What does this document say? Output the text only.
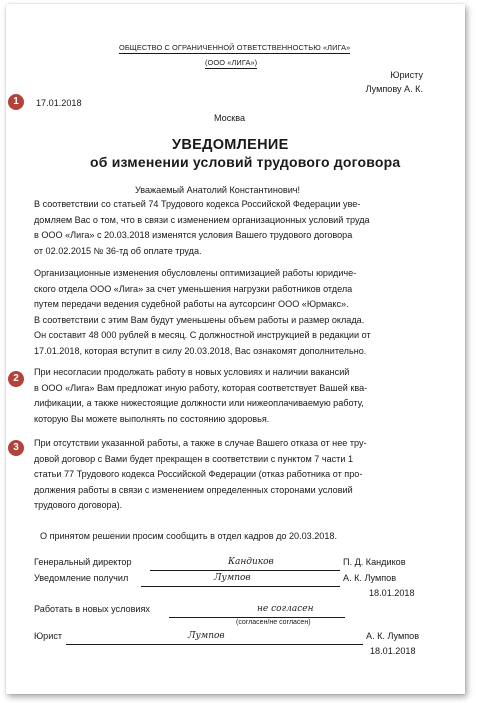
ОБЩЕСТВО С ОГРАНИЧЕННОЙ ОТВЕТСТВЕННОСТЬЮ «ЛИГА»
(ООО «ЛИГА»)
Юристу
Лумпову А. К.
1	17.01.2018
Москва
УВЕДОМЛЕНИЕ
об изменении условий трудового договора
Уважаемый Анатолий Константинович!
В соответствии со статьей 74 Трудового кодекса Российской Федерации уве-
домляем Вас о том, что в связи с изменением организационных условий труда
в ООО «Лига» с 20.03.2018 изменятся условия Вашего трудового договора
от 02.02.2015 № 36-тд об оплате труда.
Организационные изменения обусловлены оптимизацией работы юридиче-
ского отдела ООО «Лига» за счет уменьшения нагрузки работников отдела
путем передачи ведения судебной работы на аутсорсинг ООО «Юрмакс».
В соответствии с этим Вам будут уменьшены объем работы и размер оклада.
Он составит 48 000 рублей в месяц. С должностной инструкцией в редакции от
17.01.2018, которая вступит в силу 20.03.2018, Вас ознакомят дополнительно.
2
При несогласии продолжать работу в новых условиях и наличии вакансий
в ООО «Лига» Вам предложат иную работу, которая соответствует Вашей ква-
лификации, а также нижестоящие должности или нижеоплачиваемую работу,
которую Вы можете выполнять по состоянию здоровья.
3	При отсутствии указанной работы, а также в случае Вашего отказа от нее тру-
довой договор с Вами будет прекращен в соответствии с пунктом 7 части 1
статьи 77 Трудового кодекса Российской Федерации (отказ работника от про-
должения работы в связи с изменением определенных сторонами условий
трудового договора).
О принятом решении просим сообщить в отдел кадров до 20.03.2018.
Генеральный директор	Кандиков	П. Д. Кандиков
Уведомление получил	Лумпов	А. К. Лумпов
18.01.2018
Работать в новых условиях	не согласен
(согласен/не согласен)
Юрист	Лумпов	А. К. Лумпов
18.01.2018
